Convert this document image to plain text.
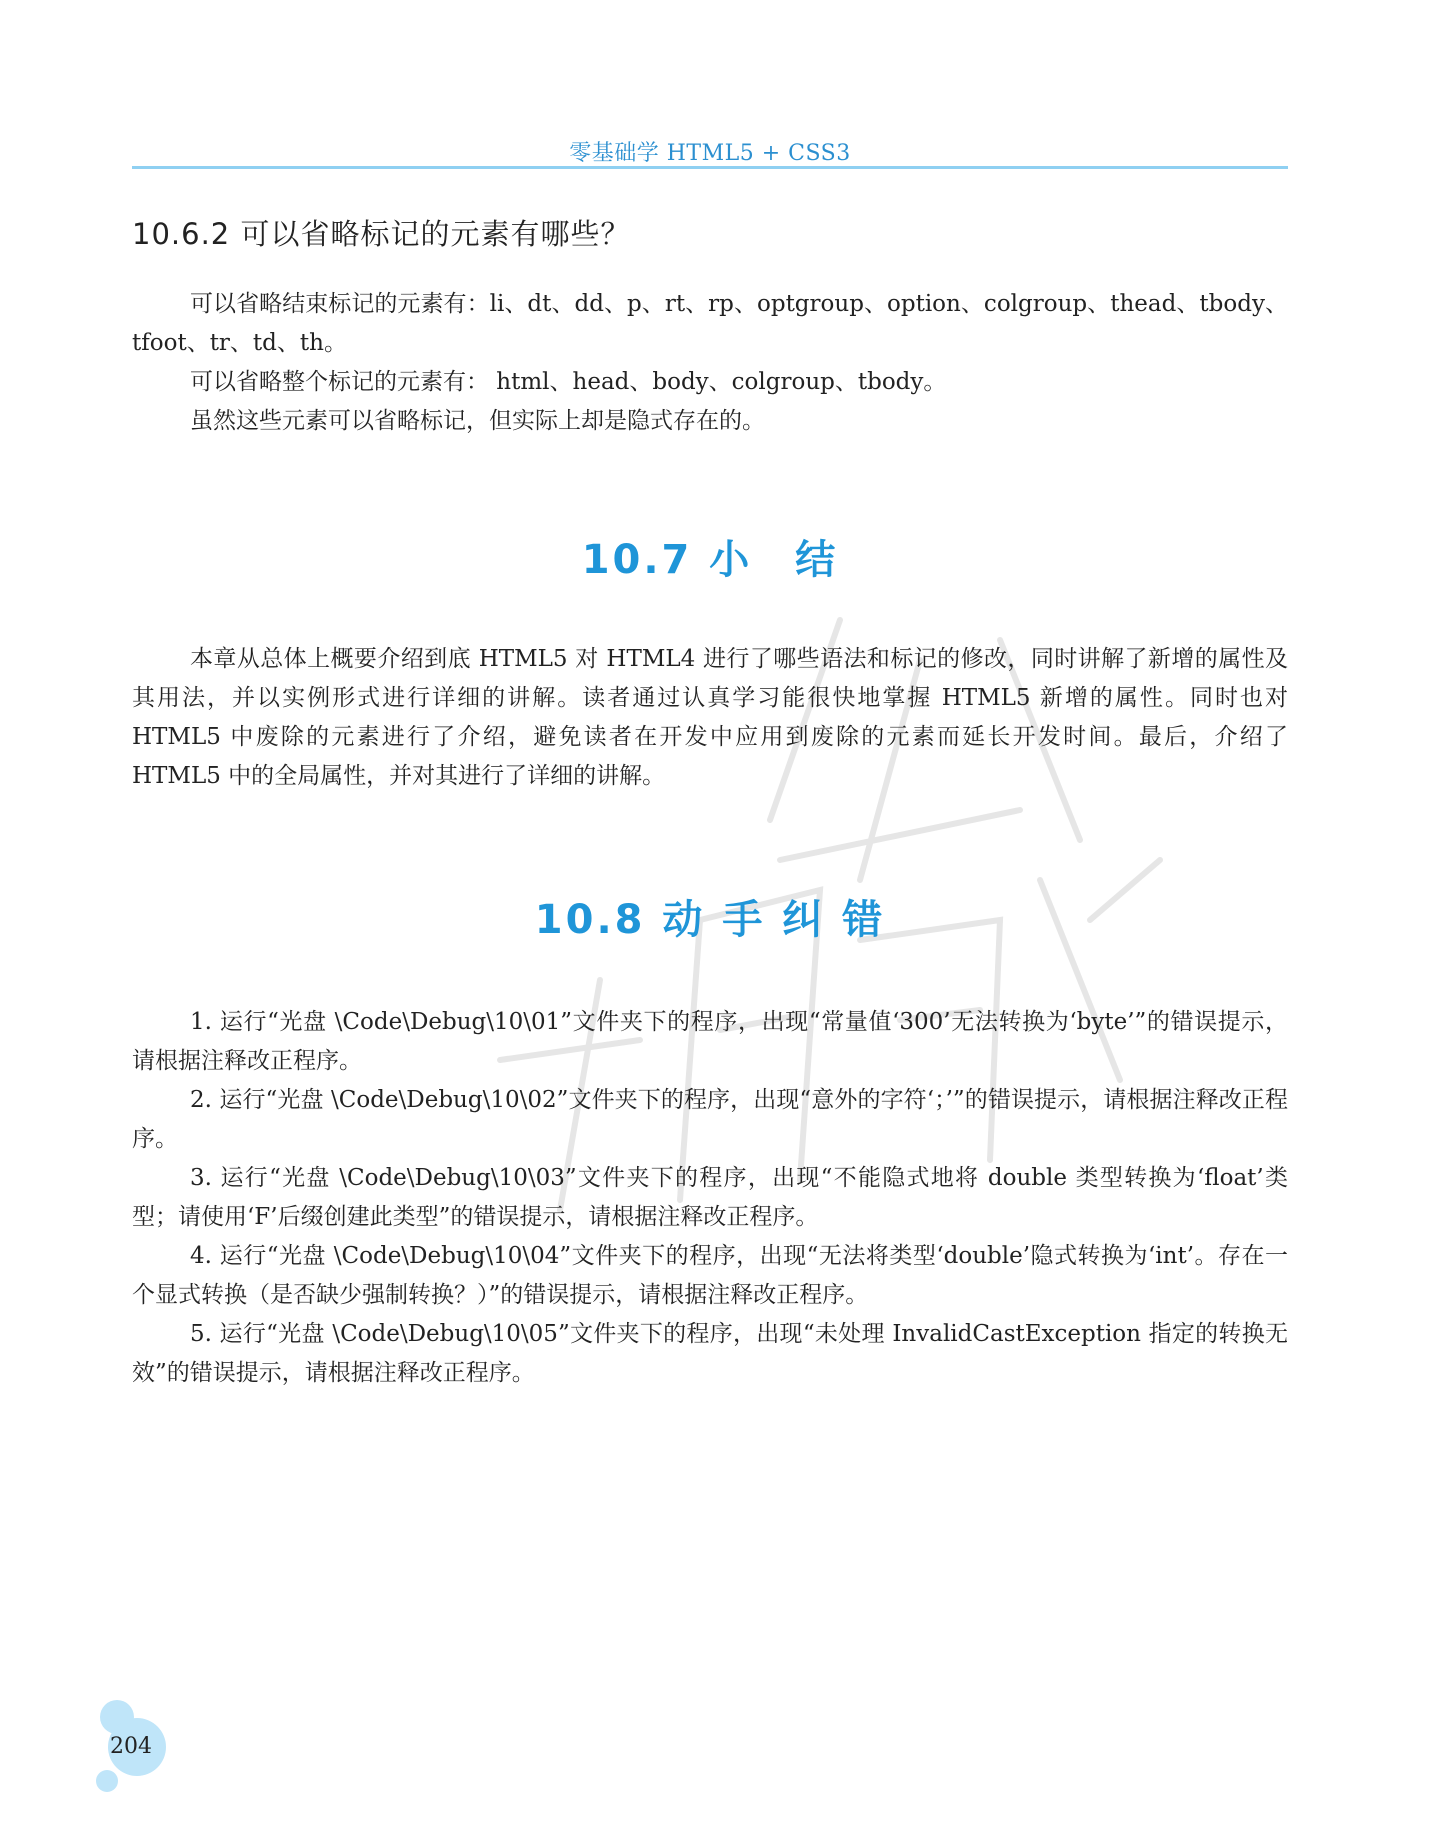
零基础学 HTML5 + CSS3
10.6.2 可以省略标记的元素有哪些？

可以省略结束标记的元素有：li、dt、dd、p、rt、rp、optgroup、option、colgroup、thead、tbody、tfoot、tr、td、th。

可以省略整个标记的元素有： html、head、body、colgroup、tbody。

虽然这些元素可以省略标记，但实际上却是隐式存在的。

10.7 小　结

本章从总体上概要介绍到底 HTML5 对 HTML4 进行了哪些语法和标记的修改，同时讲解了新增的属性及其用法，并以实例形式进行详细的讲解。读者通过认真学习能很快地掌握 HTML5 新增的属性。同时也对 HTML5 中废除的元素进行了介绍，避免读者在开发中应用到废除的元素而延长开发时间。最后，介绍了 HTML5 中的全局属性，并对其进行了详细的讲解。

10.8 动 手 纠 错

1. 运行“光盘 \Code\Debug\10\01”文件夹下的程序，出现“常量值‘300’无法转换为‘byte’”的错误提示，请根据注释改正程序。

2. 运行“光盘 \Code\Debug\10\02”文件夹下的程序，出现“意外的字符‘；’”的错误提示，请根据注释改正程序。

3. 运行“光盘 \Code\Debug\10\03”文件夹下的程序，出现“不能隐式地将 double 类型转换为‘float’类型；请使用‘F’后缀创建此类型”的错误提示，请根据注释改正程序。

4. 运行“光盘 \Code\Debug\10\04”文件夹下的程序，出现“无法将类型‘double’隐式转换为‘int’。存在一个显式转换（是否缺少强制转换？）”的错误提示，请根据注释改正程序。

5. 运行“光盘 \Code\Debug\10\05”文件夹下的程序，出现“未处理 InvalidCastException 指定的转换无效”的错误提示，请根据注释改正程序。

204
